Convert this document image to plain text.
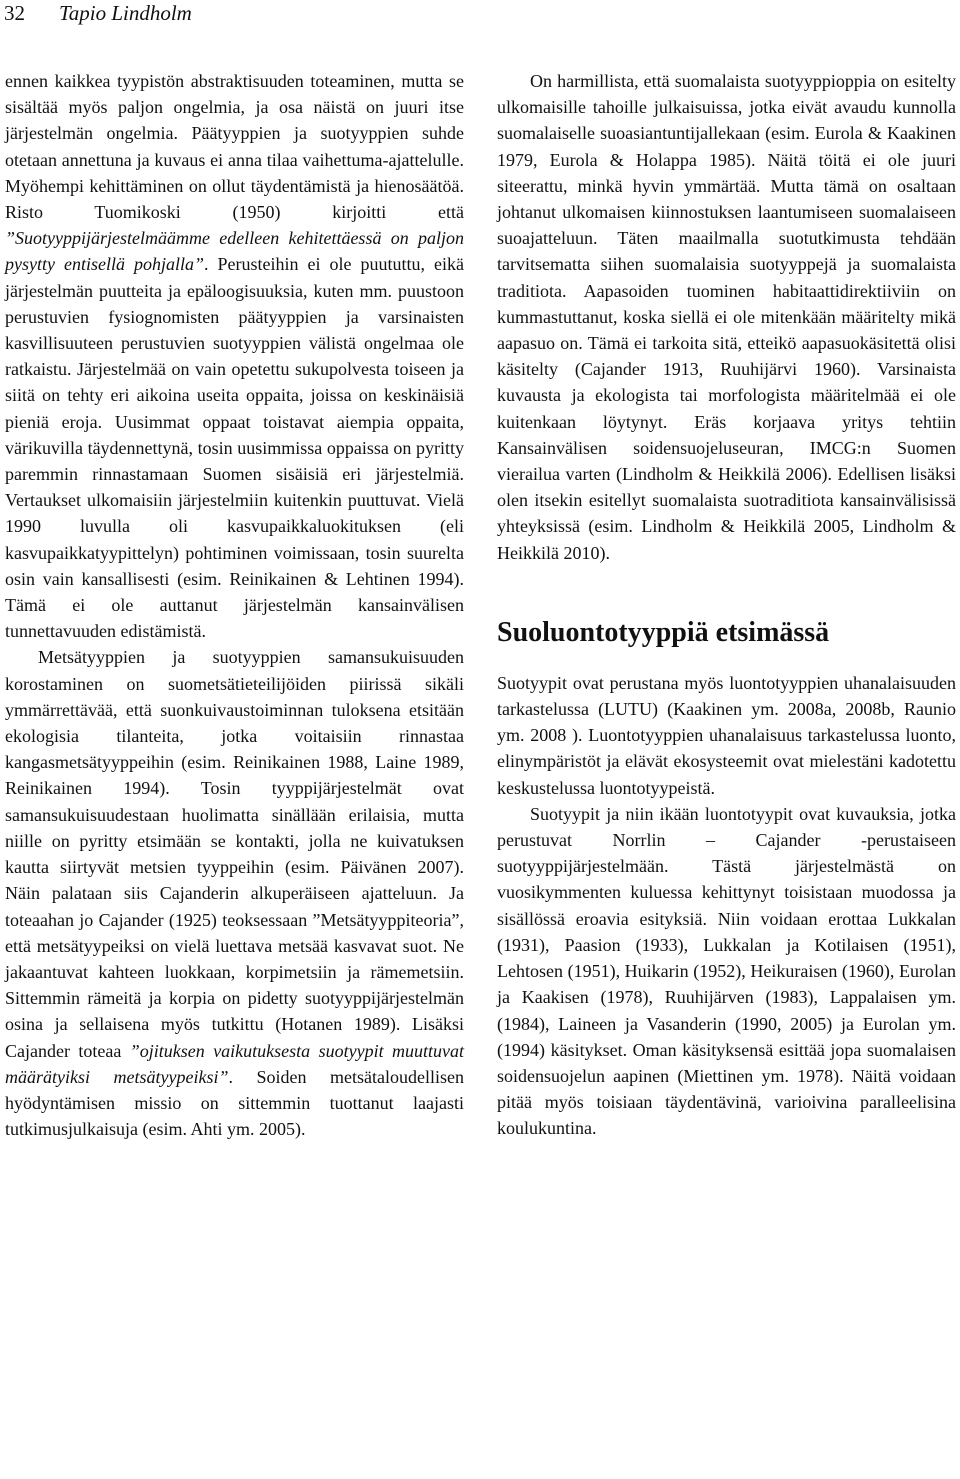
32 Tapio Lindholm

ennen kaikkea tyypistön abstraktisuuden toteaminen, mutta se sisältää myös paljon ongelmia, ja osa näistä on juuri itse järjestelmän ongelmia. Päätyyppien ja suotyyppien suhde otetaan annettuna ja kuvaus ei anna tilaa vaihettuma-ajattelulle. Myöhempi kehittäminen on ollut täydentämistä ja hienosäätöä. Risto Tuomikoski (1950) kirjoitti että ”Suotyyppijärjestelmäämme edelleen kehitettäessä on paljon pysytty entisellä pohjalla”. Perusteihin ei ole puututtu, eikä järjestelmän puutteita ja epäloogisuuksia, kuten mm. puustoon perustuvien fysiognomisten päätyyppien ja varsinaisten kasvillisuuteen perustuvien suotyyppien välistä ongelmaa ole ratkaistu. Järjestelmää on vain opetettu sukupolvesta toiseen ja siitä on tehty eri aikoina useita oppaita, joissa on keskinäisiä pieniä eroja. Uusimmat oppaat toistavat aiempia oppaita, värikuvilla täydennettynä, tosin uusimmissa oppaissa on pyritty paremmin rinnastamaan Suomen sisäisiä eri järjestelmiä. Vertaukset ulkomaisiin järjestelmiin kuitenkin puuttuvat. Vielä 1990 luvulla oli kasvupaikkaluokituksen (eli kasvupaikkatyypittelyn) pohtiminen voimissaan, tosin suurelta osin vain kansallisesti (esim. Reinikainen & Lehtinen 1994). Tämä ei ole auttanut järjestelmän kansainvälisen tunnettavuuden edistämistä.

Metsätyyppien ja suotyyppien samansukuisuuden korostaminen on suometsätieteilijöiden piirissä sikäli ymmärrettävää, että suonkuivaustoiminnan tuloksena etsitään ekologisia tilanteita, jotka voitaisiin rinnastaa kangasmetsätyyppeihin (esim. Reinikainen 1988, Laine 1989, Reinikainen 1994). Tosin tyyppijärjestelmät ovat samansukuisuudestaan huolimatta sinällään erilaisia, mutta niille on pyritty etsimään se kontakti, jolla ne kuivatuksen kautta siirtyvät metsien tyyppeihin (esim. Päivänen 2007). Näin palataan siis Cajanderin alkuperäiseen ajatteluun. Ja toteaahan jo Cajander (1925) teoksessaan ”Metsätyyppiteoria”, että metsätyypeiksi on vielä luettava metsää kasvavat suot. Ne jakaantuvat kahteen luokkaan, korpimetsiin ja rämemetsiin. Sittemmin rämeitä ja korpia on pidetty suotyyppijärjestelmän osina ja sellaisena myös tutkittu (Hotanen 1989). Lisäksi Cajander toteaa ”ojituksen vaikutuksesta suotyypit muuttuvat määrätyiksi metsätyypeiksi”. Soiden metsätaloudellisen hyödyntämisen missio on sittemmin tuottanut laajasti tutkimusjulkaisuja (esim. Ahti ym. 2005).

On harmillista, että suomalaista suotyyppioppia on esitelty ulkomaisille tahoille julkaisuissa, jotka eivät avaudu kunnolla suomalaiselle suoasiantuntijallekaan (esim. Eurola & Kaakinen 1979, Eurola & Holappa 1985). Näitä töitä ei ole juuri siteerattu, minkä hyvin ymmärtää. Mutta tämä on osaltaan johtanut ulkomaisen kiinnostuksen laantumiseen suomalaiseen suoajatteluun. Täten maailmalla suotutkimusta tehdään tarvitsematta siihen suomalaisia suotyyppejä ja suomalaista traditiota. Aapasoiden tuominen habitaattidirektiiviin on kummastuttanut, koska siellä ei ole mitenkään määritelty mikä aapasuo on. Tämä ei tarkoita sitä, etteikö aapasuokäsitettä olisi käsitelty (Cajander 1913, Ruuhijärvi 1960). Varsinaista kuvausta ja ekologista tai morfologista määritelmää ei ole kuitenkaan löytynyt. Eräs korjaava yritys tehtiin Kansainvälisen soidensuojeluseuran, IMCG:n Suomen vierailua varten (Lindholm & Heikkilä 2006). Edellisen lisäksi olen itsekin esitellyt suomalaista suotraditiota kansainvälisissä yhteyksissä (esim. Lindholm & Heikkilä 2005, Lindholm & Heikkilä 2010).

Suoluontotyyppiä etsimässä

Suotyypit ovat perustana myös luontotyyppien uhanalaisuuden tarkastelussa (LUTU) (Kaakinen ym. 2008a, 2008b, Raunio ym. 2008 ). Luontotyyppien uhanalaisuus tarkastelussa luonto, elinympäristöt ja elävät ekosysteemit ovat mielestäni kadotettu keskustelussa luontotyypeistä.

Suotyypit ja niin ikään luontotyypit ovat kuvauksia, jotka perustuvat Norrlin – Cajander -perustaiseen suotyyppijärjestelmään. Tästä järjestelmästä on vuosikymmenten kuluessa kehittynyt toisistaan muodossa ja sisällössä eroavia esityksiä. Niin voidaan erottaa Lukkalan (1931), Paasion (1933), Lukkalan ja Kotilaisen (1951), Lehtosen (1951), Huikarin (1952), Heikuraisen (1960), Eurolan ja Kaakisen (1978), Ruuhijärven (1983), Lappalaisen ym. (1984), Laineen ja Vasanderin (1990, 2005) ja Eurolan ym. (1994) käsitykset. Oman käsityksensä esittää jopa suomalaisen soidensuojelun aapinen (Miettinen ym. 1978). Näitä voidaan pitää myös toisiaan täydentävinä, varioivina paralleelisina koulukuntina.
